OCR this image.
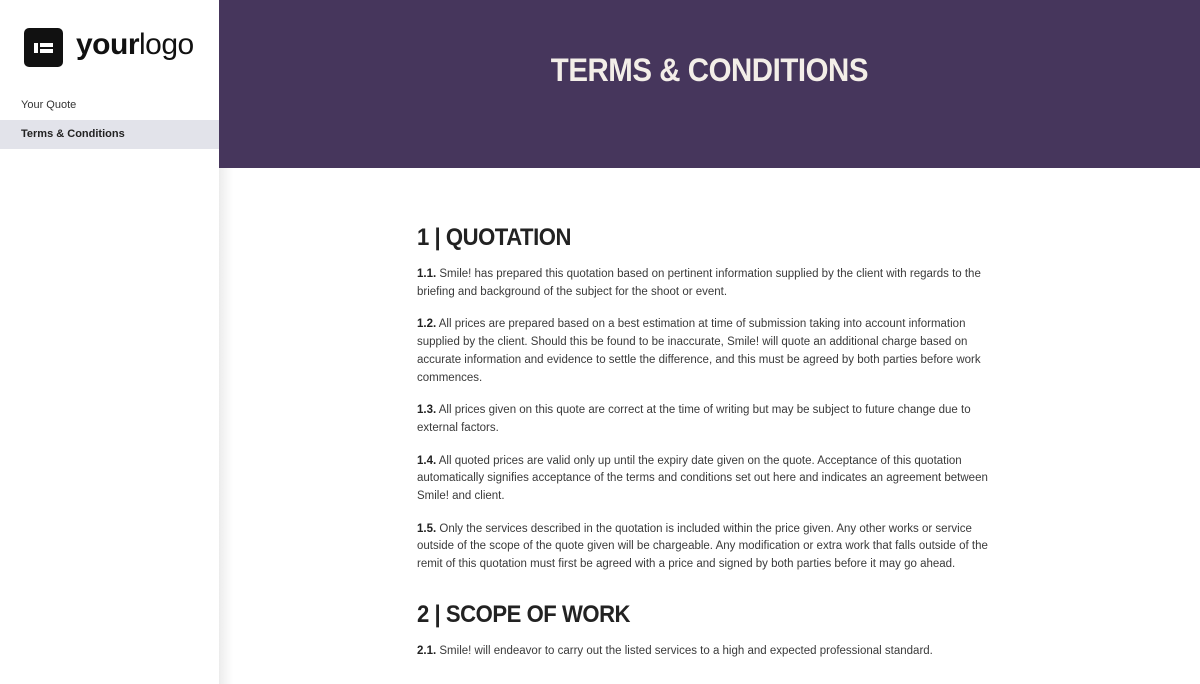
yourlogo
Your Quote
Terms & Conditions
TERMS & CONDITIONS
1 | QUOTATION

1.1. Smile! has prepared this quotation based on pertinent information supplied by the client with regards to the briefing and background of the subject for the shoot or event.

1.2. All prices are prepared based on a best estimation at time of submission taking into account information supplied by the client. Should this be found to be inaccurate, Smile! will quote an additional charge based on accurate information and evidence to settle the difference, and this must be agreed by both parties before work commences.

1.3. All prices given on this quote are correct at the time of writing but may be subject to future change due to external factors.

1.4. All quoted prices are valid only up until the expiry date given on the quote. Acceptance of this quotation automatically signifies acceptance of the terms and conditions set out here and indicates an agreement between Smile! and client.

1.5. Only the services described in the quotation is included within the price given. Any other works or service outside of the scope of the quote given will be chargeable. Any modification or extra work that falls outside of the remit of this quotation must first be agreed with a price and signed by both parties before it may go ahead.

2 | SCOPE OF WORK

2.1. Smile! will endeavor to carry out the listed services to a high and expected professional standard.
